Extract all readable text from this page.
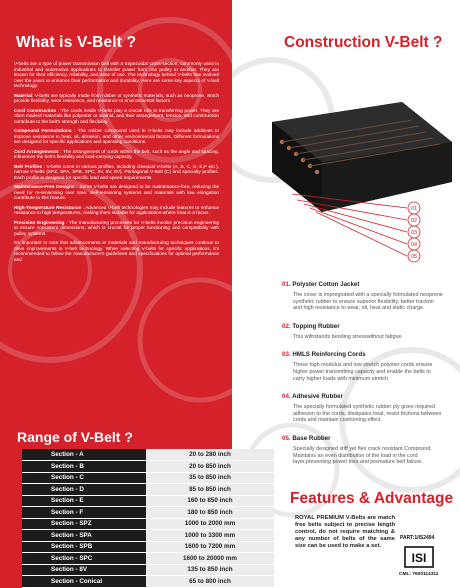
What is V-Belt ?

V-belts are a type of power transmission belt with a trapezoidal cross-section, commonly used in industrial and automotive applications to transfer power from one pulley to another. They are known for their efficiency, reliability, and ease of use. The technology behind V-belts has evolved over the years to enhance their performance and durability. Here are some key aspects of V-belt technology:

Material: V-belts are typically made from rubber or synthetic materials, such as neoprene, which provide flexibility, wear resistance, and resistance to environmental factors.

Cord Construction : The cords inside V-belts play a crucial role in transferring power. They are often madeof materials like polyester or aramid, and their arrangement, tension, and construction contribute to the belt's strength and flexibility.

Compound Formulations : The rubber compound used in V-belts may include additives to improve resistance to heat, oil, abrasion, and other environmental factors. Different formulations are designed for specific applications and operating conditions.

Cord Arrangements : The arrangement of cords within the belt, such as the angle and spacing, influences the belt's flexibility and load-carrying capacity.

Belt Profiles : V-belts come in various profiles, including classical V-belts (A, B, C, D, E,F etc.), narrow V-belts (SPZ, SPA, SPB, SPC, 3V, 5V, 8V), Pentagonal V-Belt (C) and specialty profiles. Each profile is designed for specific load and speed requirements.

Maintenance-Free Designs : Some V-belts are designed to be maintenance-free, reducing the need for re-tensioning over time. Self-tensioning systems and materials with low elongation contribute to this feature.

High-Temperature Resistance : Advanced V-belt technologies may include features to enhance resistance to high temperatures, making them suitable for applications where heat is a factor.

Precision Engineering : The manufacturing processes for V-belts involve precision engineering to ensure consistent dimensions, which is crucial for proper functioning and compatibility with pulley systems.

It's important to note that advancements in materials and manufacturing techniques continue to drive improvements in V-belt technology. When selecting V-belts for specific applications, it's recommended to follow the manufacturer's guidelines and specifications for optimal performance and

Range of V-Belt ?
Construction V-Belt ?
01
02
03
04
05
01. Polyster Cotton Jacket
The cover is impregnated with a specially formulated neoprene synthetic rubber to ensure superior flexibility, better traction and high resistance to wear, oil, heat and static charge.
02. Topping Rubber
This withstands bending stresswithout fatigue.
03. HMLS Reinforcing Cords
These high modulus and low stretch polyster cords ensure higher power transmitting capacity and enable the belts to carry higher loads with minimum stretch
04. Adhesive Rubber
The specially formulated synthetic rubber ply gives required adhesion to the cords, dissipates heat, resist frictions between cords and maintain cushioning effect
05. Base Rubber
Specially designed stiff yet flex crack resistant Compound. Maintains an even distribution of the load in the cord layer,preventing power loss and premature belt failure.
Features & Advantage
ROYAL PREMIUM V-Belts are match free belts subject to precise length control, do not require matching & any number of belts of the same size can be used to make a set.
PART:1/IS2494
ISI
CML: 7600114311
Section - A	20 to 280 inch
Section - B	20 to 850 inch
Section - C	35 to 850 inch
Section - D	85 to 850 inch
Section - E	160 to 850 inch
Section - F	180 to 850 inch
Section - SPZ	1000 to 2000 mm
Section - SPA	1000 to 3300 mm
Section - SPB	1600 to 7200 mm
Section - SPC	1600 to 20000 mm
Section - 8V	135 to 850 inch
Section - Conical	65 to 800 inch
